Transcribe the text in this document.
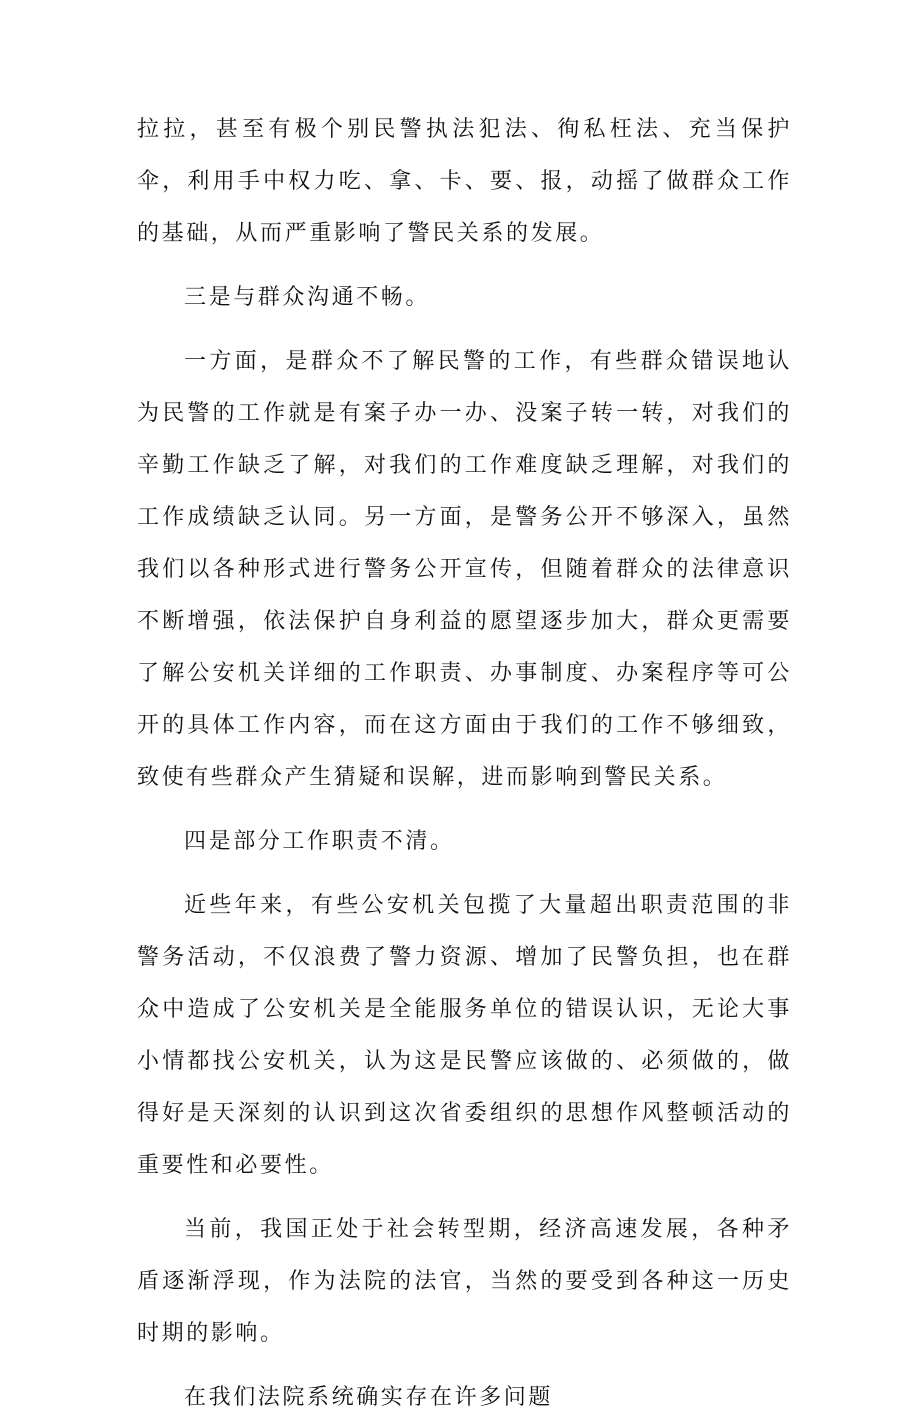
拉拉，甚至有极个别民警执法犯法、徇私枉法、充当保护伞，利用手中权力吃、拿、卡、要、报，动摇了做群众工作的基础，从而严重影响了警民关系的发展。

三是与群众沟通不畅。

一方面，是群众不了解民警的工作，有些群众错误地认为民警的工作就是有案子办一办、没案子转一转，对我们的辛勤工作缺乏了解，对我们的工作难度缺乏理解，对我们的工作成绩缺乏认同。另一方面，是警务公开不够深入，虽然我们以各种形式进行警务公开宣传，但随着群众的法律意识不断增强，依法保护自身利益的愿望逐步加大，群众更需要了解公安机关详细的工作职责、办事制度、办案程序等可公开的具体工作内容，而在这方面由于我们的工作不够细致，致使有些群众产生猜疑和误解，进而影响到警民关系。

四是部分工作职责不清。

近些年来，有些公安机关包揽了大量超出职责范围的非警务活动，不仅浪费了警力资源、增加了民警负担，也在群众中造成了公安机关是全能服务单位的错误认识，无论大事小情都找公安机关，认为这是民警应该做的、必须做的，做得好是天深刻的认识到这次省委组织的思想作风整顿活动的重要性和必要性。

当前，我国正处于社会转型期，经济高速发展，各种矛盾逐渐浮现，作为法院的法官，当然的要受到各种这一历史时期的影响。

在我们法院系统确实存在许多问题
